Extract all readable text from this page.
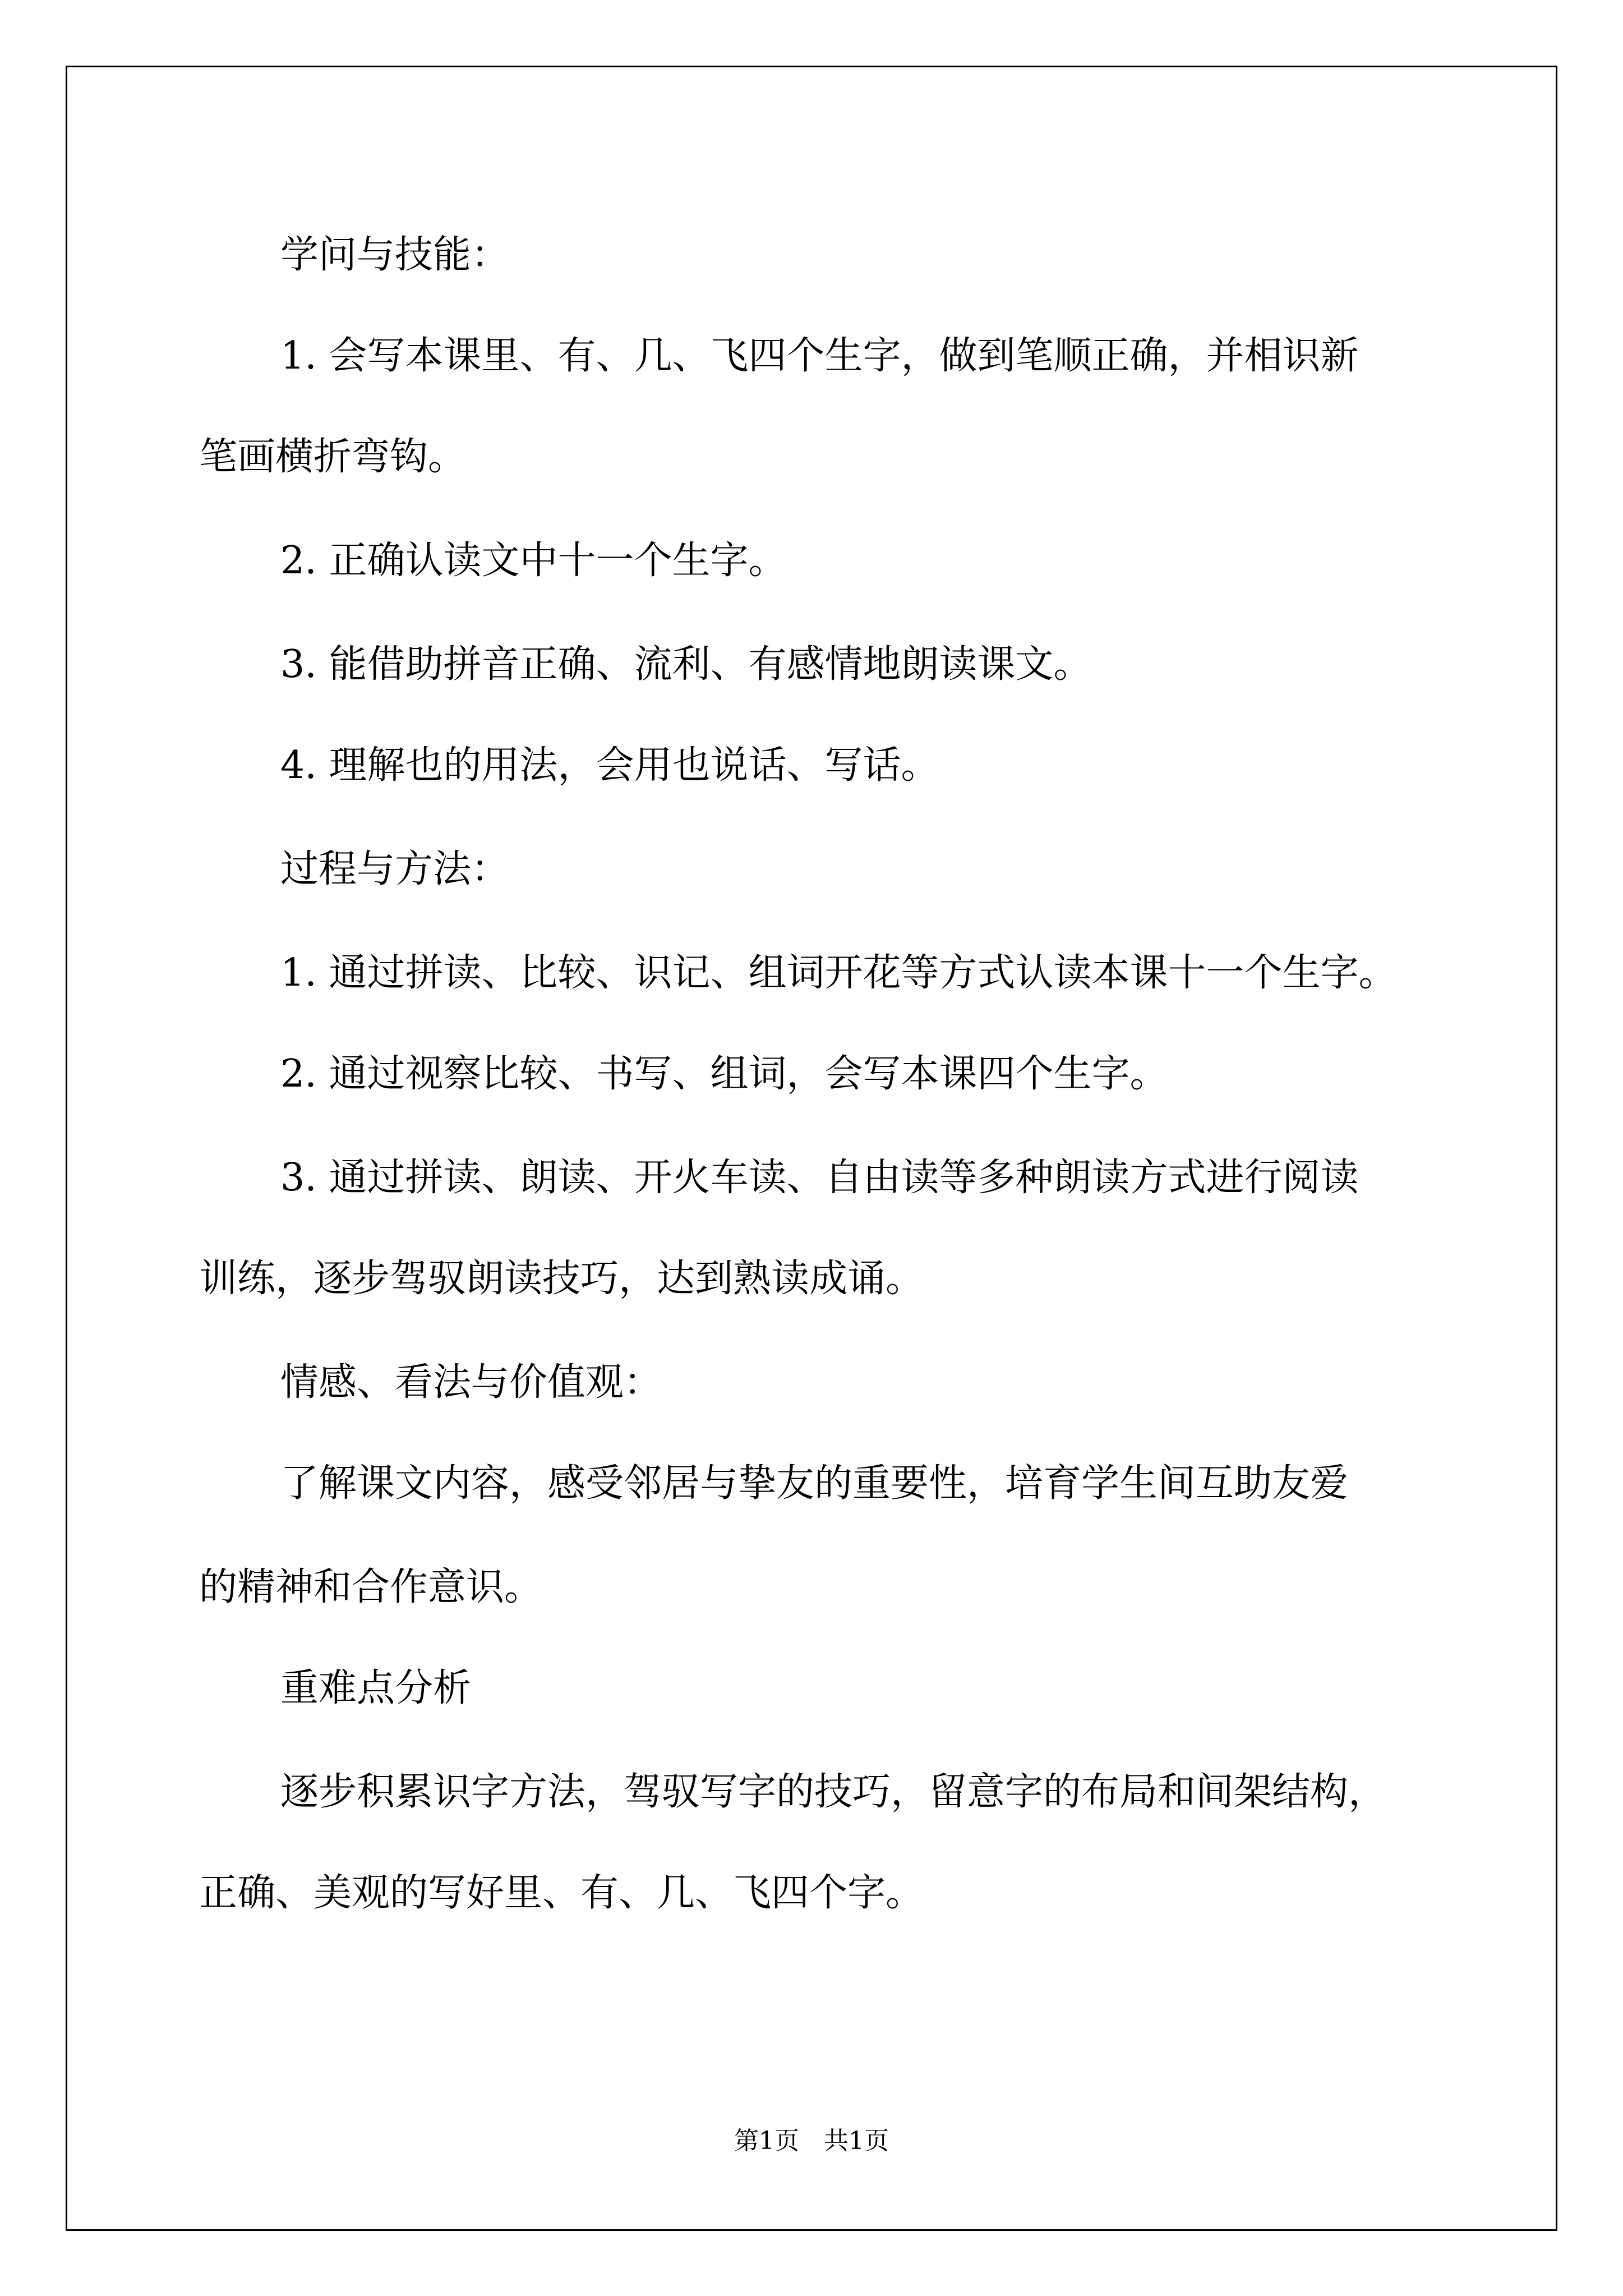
学问与技能：

1. 会写本课里、有、几、飞四个生字，做到笔顺正确，并相识新

笔画横折弯钩。

2. 正确认读文中十一个生字。

3. 能借助拼音正确、流利、有感情地朗读课文。

4. 理解也的用法，会用也说话、写话。

过程与方法：

1. 通过拼读、比较、识记、组词开花等方式认读本课十一个生字。

2. 通过视察比较、书写、组词，会写本课四个生字。

3. 通过拼读、朗读、开火车读、自由读等多种朗读方式进行阅读

训练，逐步驾驭朗读技巧，达到熟读成诵。

情感、看法与价值观：

了解课文内容，感受邻居与挚友的重要性，培育学生间互助友爱

的精神和合作意识。

重难点分析

逐步积累识字方法，驾驭写字的技巧，留意字的布局和间架结构，

正确、美观的写好里、有、几、飞四个字。

第1页　共1页
